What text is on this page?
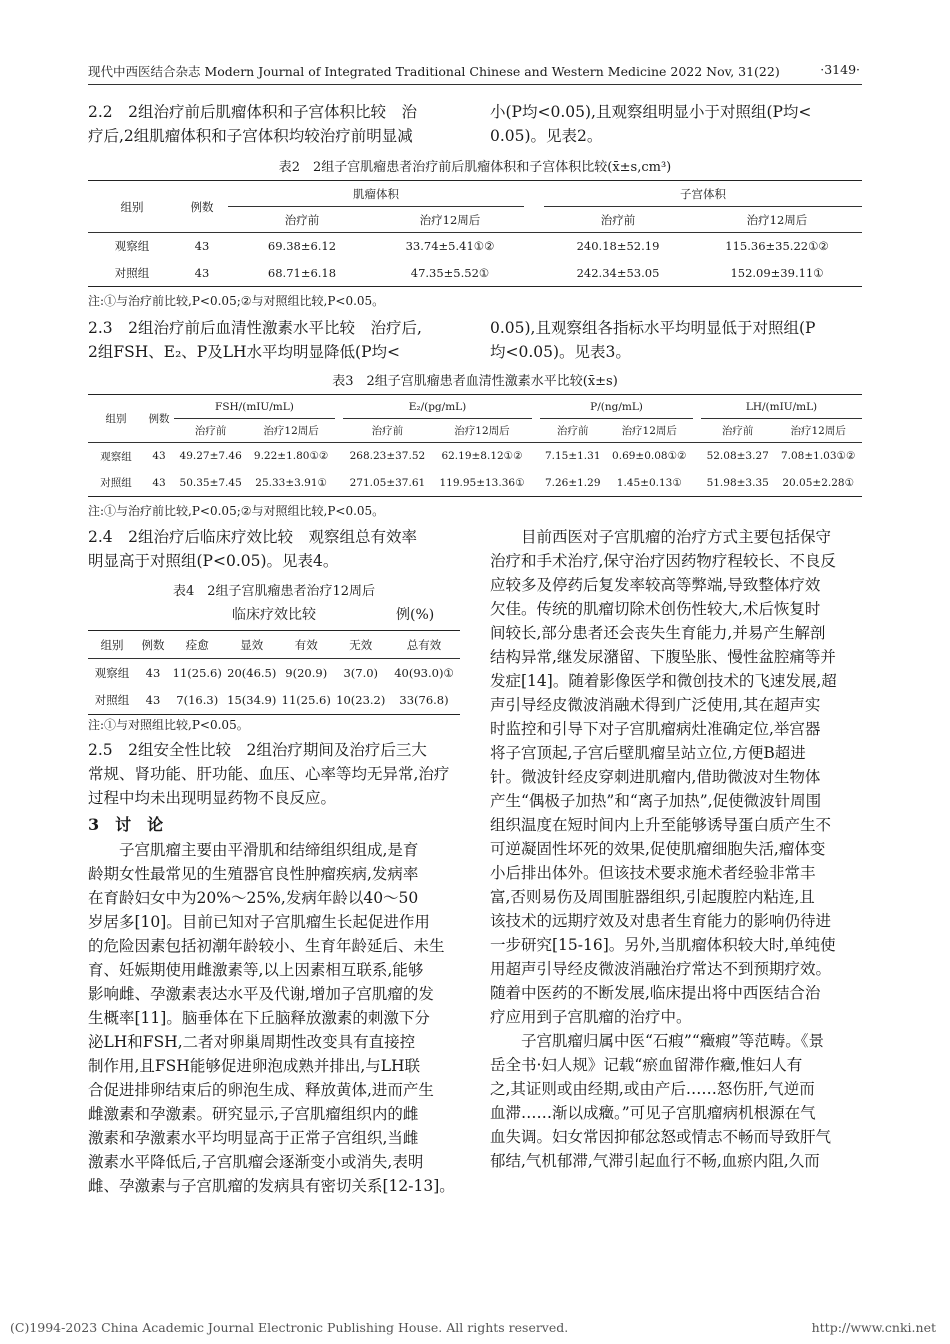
现代中西医结合杂志 Modern Journal of Integrated Traditional Chinese and Western Medicine 2022 Nov, 31(22)	·3149·

2.2　2组治疗前后肌瘤体积和子宫体积比较　治

疗后,2组肌瘤体积和子宫体积均较治疗前明显减

小(P均<0.05),且观察组明显小于对照组(P均<

0.05)。见表2。

表2　2组子宫肌瘤患者治疗前后肌瘤体积和子宫体积比较(x̄±s,cm³)
组别	例数	肌瘤体积			子宫体积	
		治疗前	治疗12周后		治疗前	治疗12周后
观察组	43	69.38±6.12	33.74±5.41①②		240.18±52.19	115.36±35.22①②
对照组	43	68.71±6.18	47.35±5.52①		242.34±53.05	152.09±39.11①
注:①与治疗前比较,P<0.05;②与对照组比较,P<0.05。

2.3　2组治疗前后血清性激素水平比较　治疗后,

2组FSH、E₂、P及LH水平均明显降低(P均<

0.05),且观察组各指标水平均明显低于对照组(P

均<0.05)。见表3。

表3　2组子宫肌瘤患者血清性激素水平比较(x̄±s)
组别	例数	FSH/(mIU/mL)			E₂/(pg/mL)			P/(ng/mL)			LH/(mIU/mL)	
		治疗前	治疗12周后		治疗前	治疗12周后		治疗前	治疗12周后		治疗前	治疗12周后
观察组	43	49.27±7.46	9.22±1.80①②		268.23±37.52	62.19±8.12①②		7.15±1.31	0.69±0.08①②		52.08±3.27	7.08±1.03①②
对照组	43	50.35±7.45	25.33±3.91①		271.05±37.61	119.95±13.36①		7.26±1.29	1.45±0.13①		51.98±3.35	20.05±2.28①
注:①与治疗前比较,P<0.05;②与对照组比较,P<0.05。

2.4　2组治疗后临床疗效比较　观察组总有效率

明显高于对照组(P<0.05)。见表4。

表4　2组子宫肌瘤患者治疗12周后
临床疗效比较	例(%)
组别	例数	痊愈	显效	有效	无效	总有效
观察组	43	11(25.6)	20(46.5)	9(20.9)	3(7.0)	40(93.0)①
对照组	43	7(16.3)	15(34.9)	11(25.6)	10(23.2)	33(76.8)
注:①与对照组比较,P<0.05。

2.5　2组安全性比较　2组治疗期间及治疗后三大

常规、肾功能、肝功能、血压、心率等均无异常,治疗

过程中均未出现明显药物不良反应。

3　讨　论

　　子宫肌瘤主要由平滑肌和结缔组织组成,是育

龄期女性最常见的生殖器官良性肿瘤疾病,发病率

在育龄妇女中为20%～25%,发病年龄以40～50

岁居多[10]。目前已知对子宫肌瘤生长起促进作用

的危险因素包括初潮年龄较小、生育年龄延后、未生

育、妊娠期使用雌激素等,以上因素相互联系,能够

影响雌、孕激素表达水平及代谢,增加子宫肌瘤的发

生概率[11]。脑垂体在下丘脑释放激素的刺激下分

泌LH和FSH,二者对卵巢周期性改变具有直接控

制作用,且FSH能够促进卵泡成熟并排出,与LH联

合促进排卵结束后的卵泡生成、释放黄体,进而产生

雌激素和孕激素。研究显示,子宫肌瘤组织内的雌

激素和孕激素水平均明显高于正常子宫组织,当雌

激素水平降低后,子宫肌瘤会逐渐变小或消失,表明

雌、孕激素与子宫肌瘤的发病具有密切关系[12-13]。

　　目前西医对子宫肌瘤的治疗方式主要包括保守

治疗和手术治疗,保守治疗因药物疗程较长、不良反

应较多及停药后复发率较高等弊端,导致整体疗效

欠佳。传统的肌瘤切除术创伤性较大,术后恢复时

间较长,部分患者还会丧失生育能力,并易产生解剖

结构异常,继发尿潴留、下腹坠胀、慢性盆腔痛等并

发症[14]。随着影像医学和微创技术的飞速发展,超

声引导经皮微波消融术得到广泛使用,其在超声实

时监控和引导下对子宫肌瘤病灶准确定位,举宫器

将子宫顶起,子宫后壁肌瘤呈站立位,方便B超进

针。微波针经皮穿刺进肌瘤内,借助微波对生物体

产生“偶极子加热”和“离子加热”,促使微波针周围

组织温度在短时间内上升至能够诱导蛋白质产生不

可逆凝固性坏死的效果,促使肌瘤细胞失活,瘤体变

小后排出体外。但该技术要求施术者经验非常丰

富,否则易伤及周围脏器组织,引起腹腔内粘连,且

该技术的远期疗效及对患者生育能力的影响仍待进

一步研究[15-16]。另外,当肌瘤体积较大时,单纯使

用超声引导经皮微波消融治疗常达不到预期疗效。

随着中医药的不断发展,临床提出将中西医结合治

疗应用到子宫肌瘤的治疗中。

　　子宫肌瘤归属中医“石瘕”“癥瘕”等范畴。《景

岳全书·妇人规》记载“瘀血留滞作癥,惟妇人有

之,其证则或由经期,或由产后……怒伤肝,气逆而

血滞……渐以成癥。”可见子宫肌瘤病机根源在气

血失调。妇女常因抑郁忿怒或情志不畅而导致肝气

郁结,气机郁滞,气滞引起血行不畅,血瘀内阻,久而

(C)1994-2023 China Academic Journal Electronic Publishing House. All rights reserved.	http://www.cnki.net
